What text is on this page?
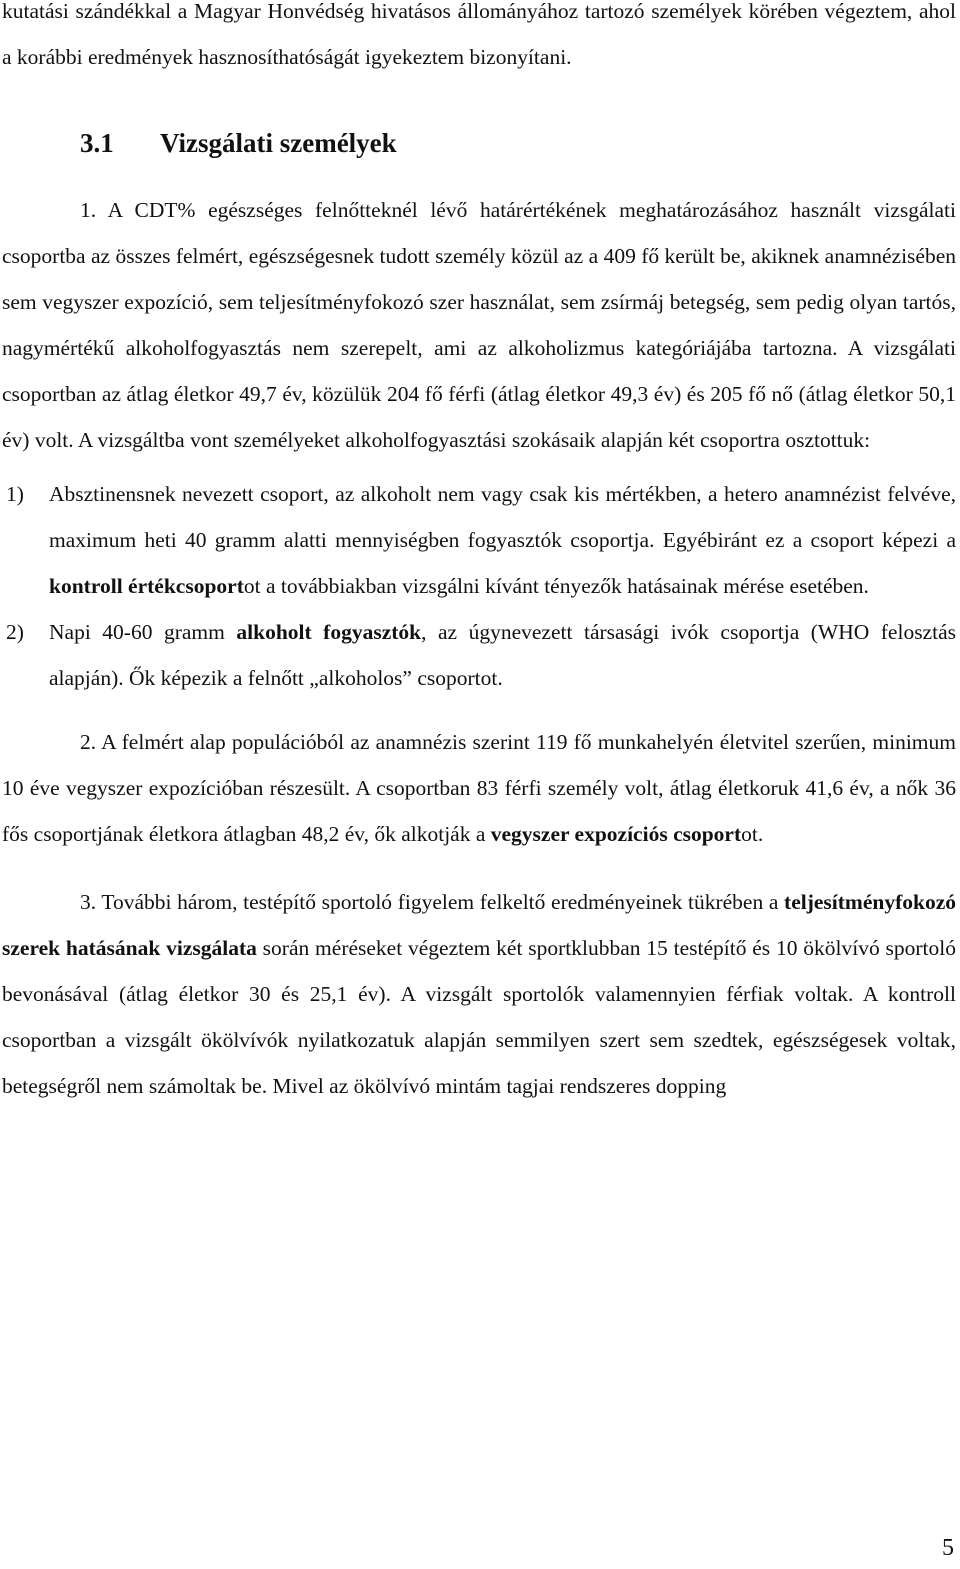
kutatási szándékkal a Magyar Honvédség hivatásos állományához tartozó személyek körében végeztem, ahol a korábbi eredmények hasznosíthatóságát igyekeztem bizonyítani.

3.1 Vizsgálati személyek

1. A CDT% egészséges felnőtteknél lévő határértékének meghatározásához használt vizsgálati csoportba az összes felmért, egészségesnek tudott személy közül az a 409 fő került be, akiknek anamnézisében sem vegyszer expozíció, sem teljesítményfokozó szer használat, sem zsírmáj betegség, sem pedig olyan tartós, nagymértékű alkoholfogyasztás nem szerepelt, ami az alkoholizmus kategóriájába tartozna. A vizsgálati csoportban az átlag életkor 49,7 év, közülük 204 fő férfi (átlag életkor 49,3 év) és 205 fő nő (átlag életkor 50,1 év) volt. A vizsgáltba vont személyeket alkoholfogyasztási szokásaik alapján két csoportra osztottuk:

1) Absztinensnek nevezett csoport, az alkoholt nem vagy csak kis mértékben, a hetero anamnézist felvéve, maximum heti 40 gramm alatti mennyiségben fogyasztók csoportja. Egyébiránt ez a csoport képezi a kontroll értékcsoportot a továbbiakban vizsgálni kívánt tényezők hatásainak mérése esetében.
2) Napi 40-60 gramm alkoholt fogyasztók, az úgynevezett társasági ivók csoportja (WHO felosztás alapján). Ők képezik a felnőtt „alkoholos” csoportot.

2. A felmért alap populációból az anamnézis szerint 119 fő munkahelyén életvitel szerűen, minimum 10 éve vegyszer expozícióban részesült. A csoportban 83 férfi személy volt, átlag életkoruk 41,6 év, a nők 36 fős csoportjának életkora átlagban 48,2 év, ők alkotják a vegyszer expozíciós csoportot.

3. További három, testépítő sportoló figyelem felkeltő eredményeinek tükrében a teljesítményfokozó szerek hatásának vizsgálata során méréseket végeztem két sportklubban 15 testépítő és 10 ökölvívó sportoló bevonásával (átlag életkor 30 és 25,1 év). A vizsgált sportolók valamennyien férfiak voltak. A kontroll csoportban a vizsgált ökölvívók nyilatkozatuk alapján semmilyen szert sem szedtek, egészségesek voltak, betegségről nem számoltak be. Mivel az ökölvívó mintám tagjai rendszeres dopping

5
